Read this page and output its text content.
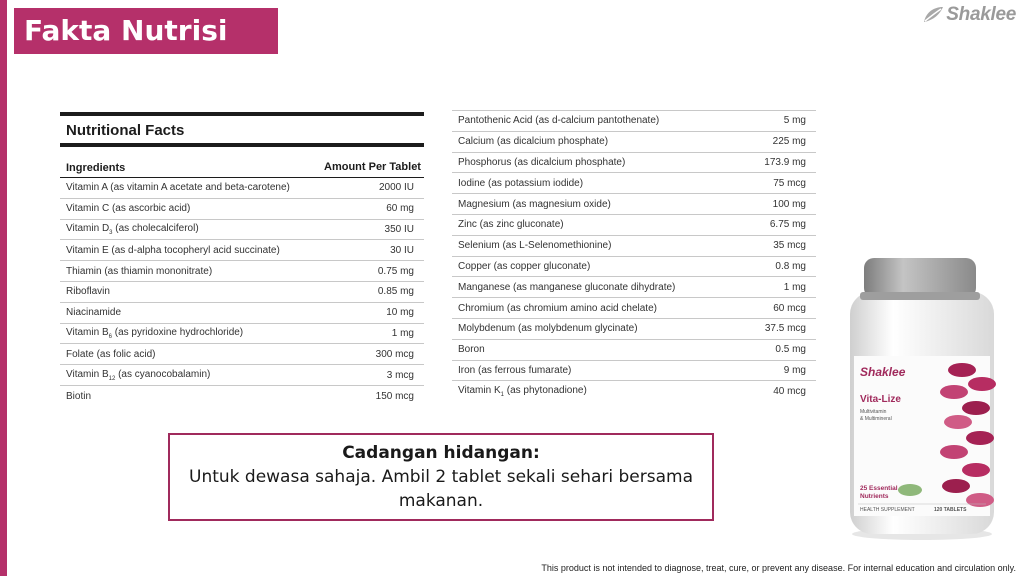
Fakta Nutrisi	Shaklee
Nutritional Facts
Ingredients	Amount Per Tablet
Vitamin A (as vitamin A acetate and beta-carotene)	2000 IU
Vitamin C (as ascorbic acid)	60 mg
Vitamin $D_3$ (as cholecalciferol)	350 IU
Vitamin E (as d-alpha tocopheryl acid succinate)	30 IU
Thiamin (as thiamin mononitrate)	0.75 mg
Riboflavin	0.85 mg
Niacinamide	10 mg
Vitamin $B_6$ (as pyridoxine hydrochloride)	1 mg
Folate (as folic acid)	300 mcg
Vitamin $B_{12}$ (as cyanocobalamin)	3 mcg
Biotin	150 mcg
Pantothenic Acid (as d-calcium pantothenate)	5 mg
Calcium (as dicalcium phosphate)	225 mg
Phosphorus (as dicalcium phosphate)	173.9 mg
Iodine (as potassium iodide)	75 mcg
Magnesium (as magnesium oxide)	100 mg
Zinc (as zinc gluconate)	6.75 mg
Selenium (as L-Selenomethionine)	35 mcg
Copper (as copper gluconate)	0.8 mg
Manganese (as manganese gluconate dihydrate)	1 mg
Chromium (as chromium amino acid chelate)	60 mcg
Molybdenum (as molybdenum glycinate)	37.5 mcg
Boron	0.5 mg
Iron (as ferrous fumarate)	9 mg
Vitamin $K_1$ (as phytonadione)	40 mcg
Cadangan hidangan:
Untuk dewasa sahaja. Ambil 2 tablet sekali sehari bersama makanan.
Shaklee
Vita-Lize
Multivitamin
& Multimineral
25 Essential
Nutrients
HEALTH SUPPLEMENT	120 TABLETS
This product is not intended to diagnose, treat, cure, or prevent any disease. For internal education and circulation only.
